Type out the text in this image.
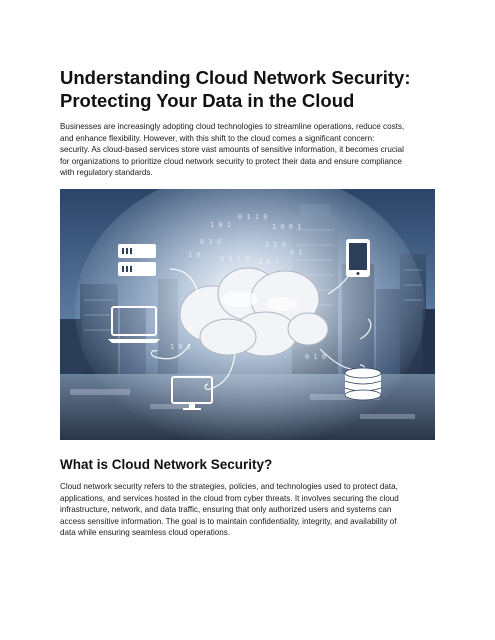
Understanding Cloud Network Security:
Protecting Your Data in the Cloud

Businesses are increasingly adopting cloud technologies to streamline operations, reduce costs,
and enhance flexibility. However, with this shift to the cloud comes a significant concern:
security. As cloud-based services store vast amounts of sensitive information, it becomes crucial
for organizations to prioritize cloud network security to protect their data and ensure compliance
with regulatory standards.

1 0 1
0 1 1 0
1 0 0 1
0 1 0	1 1 0
0 0 1 0 1 0 1
1 0	0 1
1 0 1
0 1 0
What is Cloud Network Security?

Cloud network security refers to the strategies, policies, and technologies used to protect data,
applications, and services hosted in the cloud from cyber threats. It involves securing the cloud
infrastructure, network, and data traffic, ensuring that only authorized users and systems can
access sensitive information. The goal is to maintain confidentiality, integrity, and availability of
data while ensuring seamless cloud operations.
